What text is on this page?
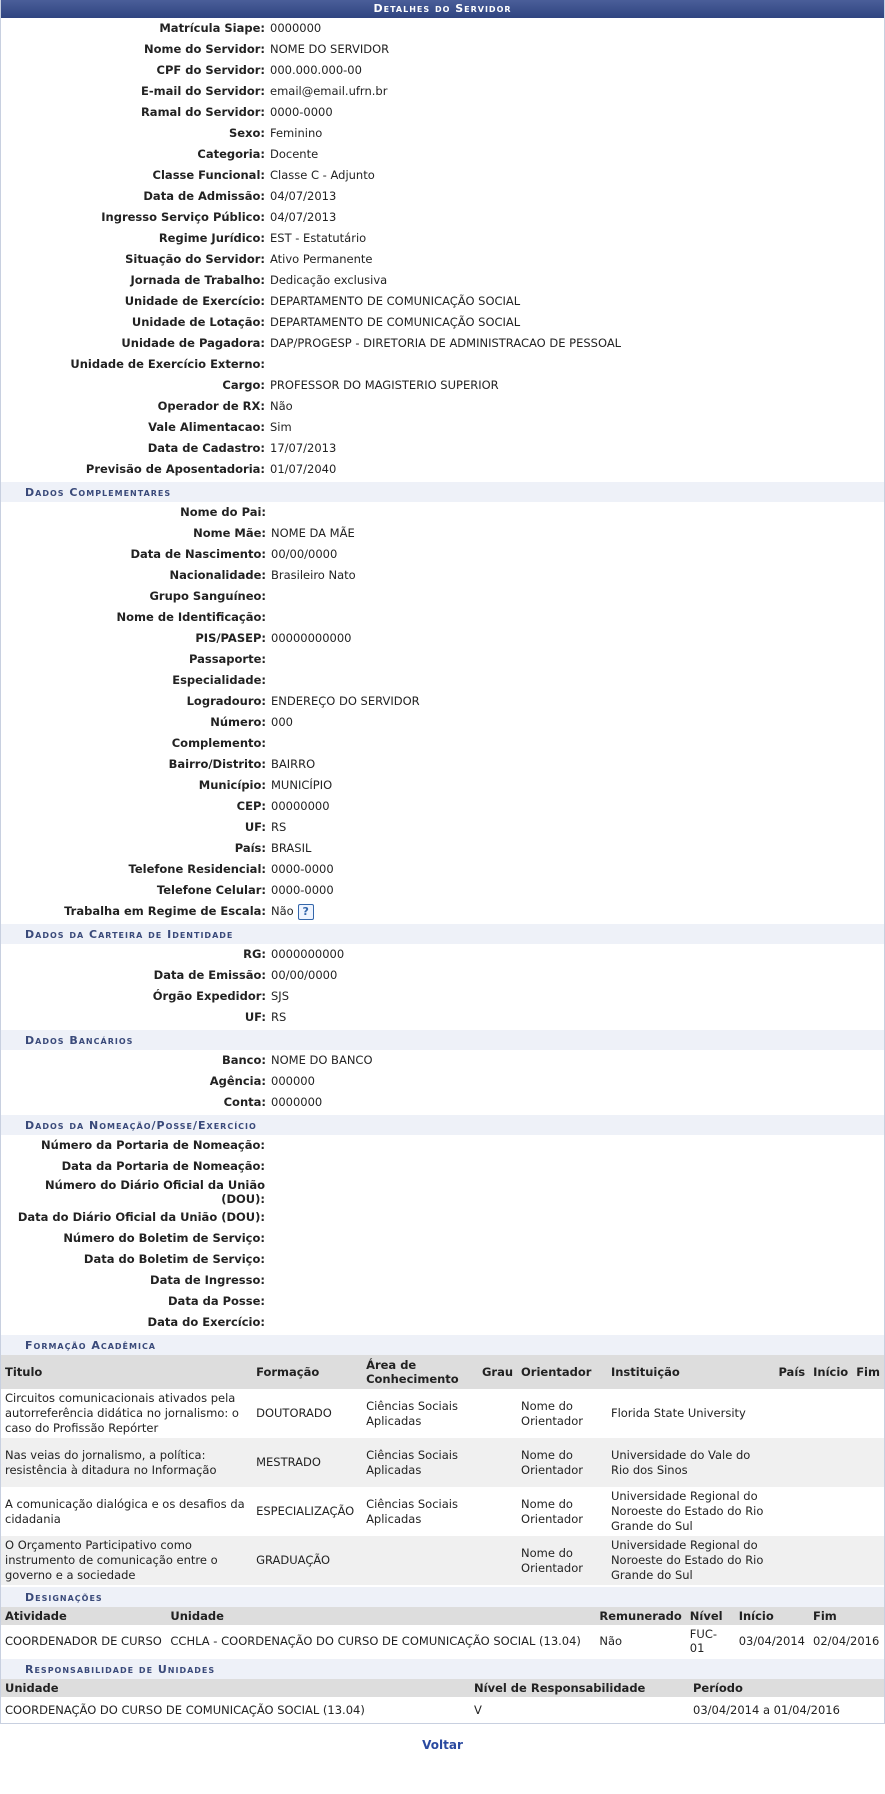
Detalhes do Servidor
Matrícula Siape: 0000000
Nome do Servidor: NOME DO SERVIDOR
CPF do Servidor: 000.000.000-00
E-mail do Servidor: email@email.ufrn.br
Ramal do Servidor: 0000-0000
Sexo: Feminino
Categoria: Docente
Classe Funcional: Classe C - Adjunto
Data de Admissão: 04/07/2013
Ingresso Serviço Público: 04/07/2013
Regime Jurídico: EST - Estatutário
Situação do Servidor: Ativo Permanente
Jornada de Trabalho: Dedicação exclusiva
Unidade de Exercício: DEPARTAMENTO DE COMUNICAÇÃO SOCIAL
Unidade de Lotação: DEPARTAMENTO DE COMUNICAÇÃO SOCIAL
Unidade de Pagadora: DAP/PROGESP - DIRETORIA DE ADMINISTRACAO DE PESSOAL
Unidade de Exercício Externo:
Cargo: PROFESSOR DO MAGISTERIO SUPERIOR
Operador de RX: Não
Vale Alimentacao: Sim
Data de Cadastro: 17/07/2013
Previsão de Aposentadoria: 01/07/2040
Dados Complementares
Nome do Pai:
Nome Mãe: NOME DA MÃE
Data de Nascimento: 00/00/0000
Nacionalidade: Brasileiro Nato
Grupo Sanguíneo:
Nome de Identificação:
PIS/PASEP: 00000000000
Passaporte:
Especialidade:
Logradouro: ENDEREÇO DO SERVIDOR
Número: 000
Complemento:
Bairro/Distrito: BAIRRO
Município: MUNICÍPIO
CEP: 00000000
UF: RS
País: BRASIL
Telefone Residencial: 0000-0000
Telefone Celular: 0000-0000
Trabalha em Regime de Escala: Não ?
Dados da Carteira de Identidade
RG: 0000000000
Data de Emissão: 00/00/0000
Órgão Expedidor: SJS
UF: RS
Dados Bancários
Banco: NOME DO BANCO
Agência: 000000
Conta: 0000000
Dados da Nomeação/Posse/Exercício
Número da Portaria de Nomeação:
Data da Portaria de Nomeação:
Número do Diário Oficial da União (DOU):
Data do Diário Oficial da União (DOU):
Número do Boletim de Serviço:
Data do Boletim de Serviço:
Data de Ingresso:
Data da Posse:
Data do Exercício:
Formação Acadêmica
Titulo	Formação	Área de Conhecimento	Grau	Orientador	Instituição	País	Início	Fim
Circuitos comunicacionais ativados pela autorreferência didática no jornalismo: o caso do Profissão Repórter	DOUTORADO	Ciências Sociais Aplicadas		Nome do Orientador	Florida State University			
Nas veias do jornalismo, a política: resistência à ditadura no Informação	MESTRADO	Ciências Sociais Aplicadas		Nome do Orientador	Universidade do Vale do Rio dos Sinos			
A comunicação dialógica e os desafios da cidadania	ESPECIALIZAÇÃO	Ciências Sociais Aplicadas		Nome do Orientador	Universidade Regional do Noroeste do Estado do Rio Grande do Sul			
O Orçamento Participativo como instrumento de comunicação entre o governo e a sociedade	GRADUAÇÃO			Nome do Orientador	Universidade Regional do Noroeste do Estado do Rio Grande do Sul			
Designações
Atividade	Unidade	Remunerado	Nível	Início	Fim
COORDENADOR DE CURSO	CCHLA - COORDENAÇÃO DO CURSO DE COMUNICAÇÃO SOCIAL (13.04)	Não	FUC-01	03/04/2014	02/04/2016
Responsabilidade de Unidades
Unidade	Nível de Responsabilidade	Período
COORDENAÇÃO DO CURSO DE COMUNICAÇÃO SOCIAL (13.04)	V	03/04/2014 a 01/04/2016
Voltar
